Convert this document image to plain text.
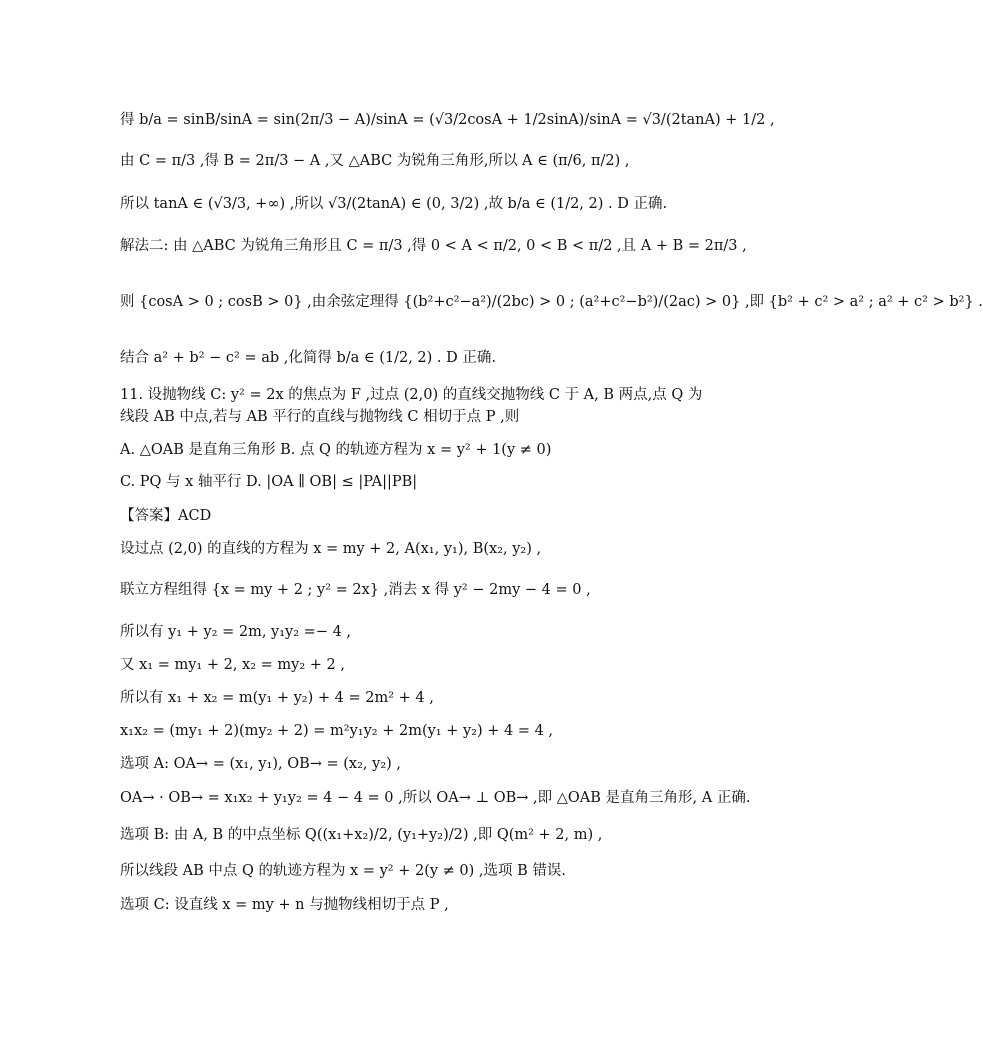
得 b/a = sinB/sinA = sin(2π/3 − A)/sinA = (√3/2cosA + 1/2sinA)/sinA = √3/(2tanA) + 1/2 ,
由 C = π/3 ,得 B = 2π/3 − A ,又 △ABC 为锐角三角形,所以 A ∈ (π/6, π/2) ,
所以 tanA ∈ (√3/3, +∞) ,所以 √3/(2tanA) ∈ (0, 3/2) ,故 b/a ∈ (1/2, 2) . D 正确.
解法二: 由 △ABC 为锐角三角形且 C = π/3 ,得 0 < A < π/2, 0 < B < π/2 ,且 A + B = 2π/3 ,
则 {cosA > 0 ; cosB > 0} ,由余弦定理得 {(b²+c²−a²)/(2bc) > 0 ; (a²+c²−b²)/(2ac) > 0} ,即 {b² + c² > a² ; a² + c² > b²} .
结合 a² + b² − c² = ab ,化简得 b/a ∈ (1/2, 2) . D 正确.
11. 设抛物线 C: y² = 2x 的焦点为 F ,过点 (2,0) 的直线交抛物线 C 于 A, B 两点,点 Q 为线段 AB 中点,若与 AB 平行的直线与抛物线 C 相切于点 P ,则
A. △OAB 是直角三角形 B. 点 Q 的轨迹方程为 x = y² + 1(y ≠ 0)
C. PQ 与 x 轴平行 D. |OA ∥ OB| ≤ |PA||PB|
【答案】ACD
设过点 (2,0) 的直线的方程为 x = my + 2, A(x₁, y₁), B(x₂, y₂) ,
联立方程组得 {x = my + 2 ; y² = 2x} ,消去 x 得 y² − 2my − 4 = 0 ,
所以有 y₁ + y₂ = 2m, y₁y₂ =− 4 ,
又 x₁ = my₁ + 2, x₂ = my₂ + 2 ,
所以有 x₁ + x₂ = m(y₁ + y₂) + 4 = 2m² + 4 ,
x₁x₂ = (my₁ + 2)(my₂ + 2) = m²y₁y₂ + 2m(y₁ + y₂) + 4 = 4 ,
选项 A: OA→ = (x₁, y₁), OB→ = (x₂, y₂) ,
OA→ · OB→ = x₁x₂ + y₁y₂ = 4 − 4 = 0 ,所以 OA→ ⊥ OB→ ,即 △OAB 是直角三角形, A 正确.
选项 B: 由 A, B 的中点坐标 Q((x₁+x₂)/2, (y₁+y₂)/2) ,即 Q(m² + 2, m) ,
所以线段 AB 中点 Q 的轨迹方程为 x = y² + 2(y ≠ 0) ,选项 B 错误.
选项 C: 设直线 x = my + n 与抛物线相切于点 P ,
